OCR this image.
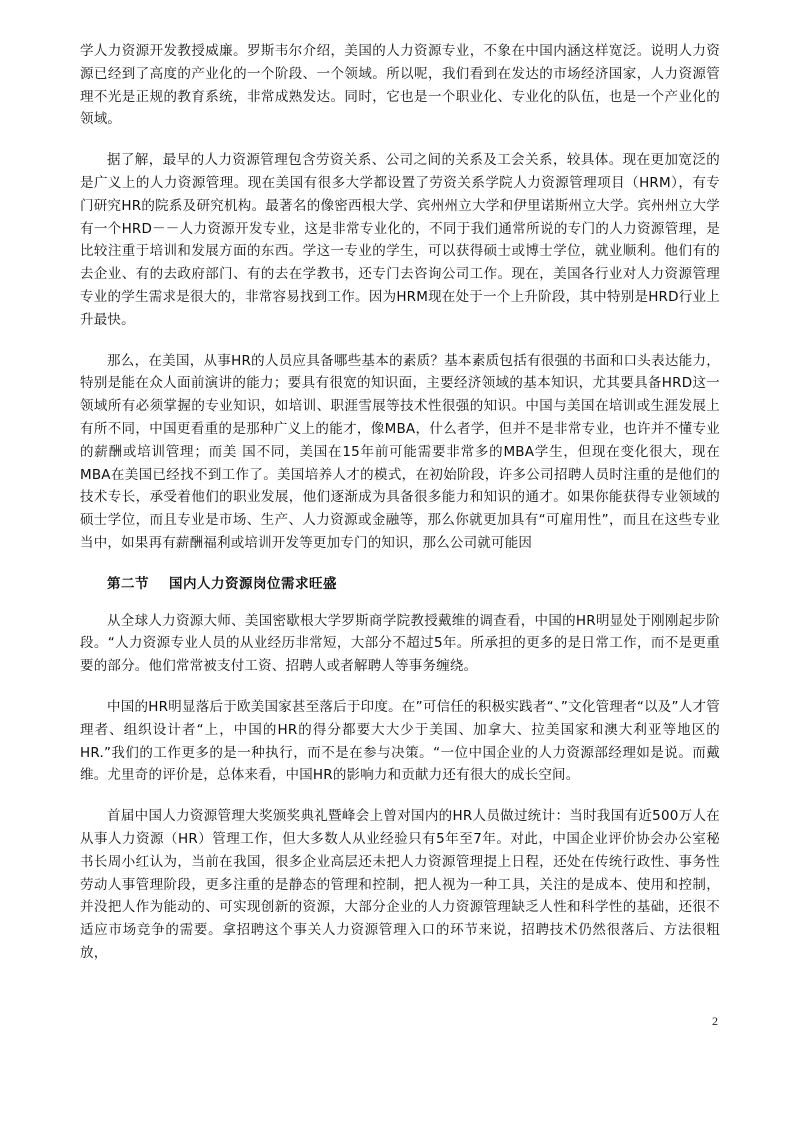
学人力资源开发教授威廉。罗斯韦尔介绍，美国的人力资源专业，不象在中国内涵这样宽泛。说明人力资源已经到了高度的产业化的一个阶段、一个领域。所以呢，我们看到在发达的市场经济国家，人力资源管理不光是正规的教育系统，非常成熟发达。同时，它也是一个职业化、专业化的队伍，也是一个产业化的领域。

据了解，最早的人力资源管理包含劳资关系、公司之间的关系及工会关系，较具体。现在更加宽泛的是广义上的人力资源管理。现在美国有很多大学都设置了劳资关系学院人力资源管理项目（HRM），有专门研究HR的院系及研究机构。最著名的像密西根大学、宾州州立大学和伊里诺斯州立大学。宾州州立大学有一个HRD－－人力资源开发专业，这是非常专业化的，不同于我们通常所说的专门的人力资源管理，是比较注重于培训和发展方面的东西。学这一专业的学生，可以获得硕士或博士学位，就业顺利。他们有的去企业、有的去政府部门、有的去在学教书，还专门去咨询公司工作。现在，美国各行业对人力资源管理专业的学生需求是很大的，非常容易找到工作。因为HRM现在处于一个上升阶段，其中特别是HRD行业上升最快。

那么，在美国，从事HR的人员应具备哪些基本的素质？基本素质包括有很强的书面和口头表达能力，特别是能在众人面前演讲的能力；要具有很宽的知识面，主要经济领域的基本知识，尤其要具备HRD这一领域所有必须掌握的专业知识，如培训、职涯雪展等技术性很强的知识。中国与美国在培训或生涯发展上有所不同，中国更看重的是那种广义上的能才，像MBA，什么者学，但并不是非常专业，也许并不懂专业的薪酬或培训管理；而美 国不同，美国在15年前可能需要非常多的MBA学生，但现在变化很大，现在MBA在美国已经找不到工作了。美国培养人才的模式，在初始阶段，许多公司招聘人员时注重的是他们的技术专长，承受着他们的职业发展，他们逐渐成为具备很多能力和知识的通才。如果你能获得专业领域的硕士学位，而且专业是市场、生产、人力资源或金融等，那么你就更加具有“可雇用性”，而且在这些专业当中，如果再有薪酬福利或培训开发等更加专门的知识，那么公司就可能因

第二节 国内人力资源岗位需求旺盛

从全球人力资源大师、美国密歇根大学罗斯商学院教授戴维的调查看，中国的HR明显处于刚刚起步阶段。“人力资源专业人员的从业经历非常短，大部分不超过5年。所承担的更多的是日常工作，而不是更重要的部分。他们常常被支付工资、招聘人或者解聘人等事务缠绕。

中国的HR明显落后于欧美国家甚至落后于印度。在”可信任的积极实践者“、”文化管理者“以及”人才管理者、组织设计者“上，中国的HR的得分都要大大少于美国、加拿大、拉美国家和澳大利亚等地区的HR.”我们的工作更多的是一种执行，而不是在参与决策。“一位中国企业的人力资源部经理如是说。而戴维。尤里奇的评价是，总体来看，中国HR的影响力和贡献力还有很大的成长空间。

首届中国人力资源管理大奖颁奖典礼暨峰会上曾对国内的HR人员做过统计：当时我国有近500万人在从事人力资源（HR）管理工作，但大多数人从业经验只有5年至7年。对此，中国企业评价协会办公室秘书长周小红认为，当前在我国，很多企业高层还未把人力资源管理提上日程，还处在传统行政性、事务性劳动人事管理阶段，更多注重的是静态的管理和控制，把人视为一种工具，关注的是成本、使用和控制，并没把人作为能动的、可实现创新的资源，大部分企业的人力资源管理缺乏人性和科学性的基础，还很不适应市场竞争的需要。拿招聘这个事关人力资源管理入口的环节来说，招聘技术仍然很落后、方法很粗放，

2
